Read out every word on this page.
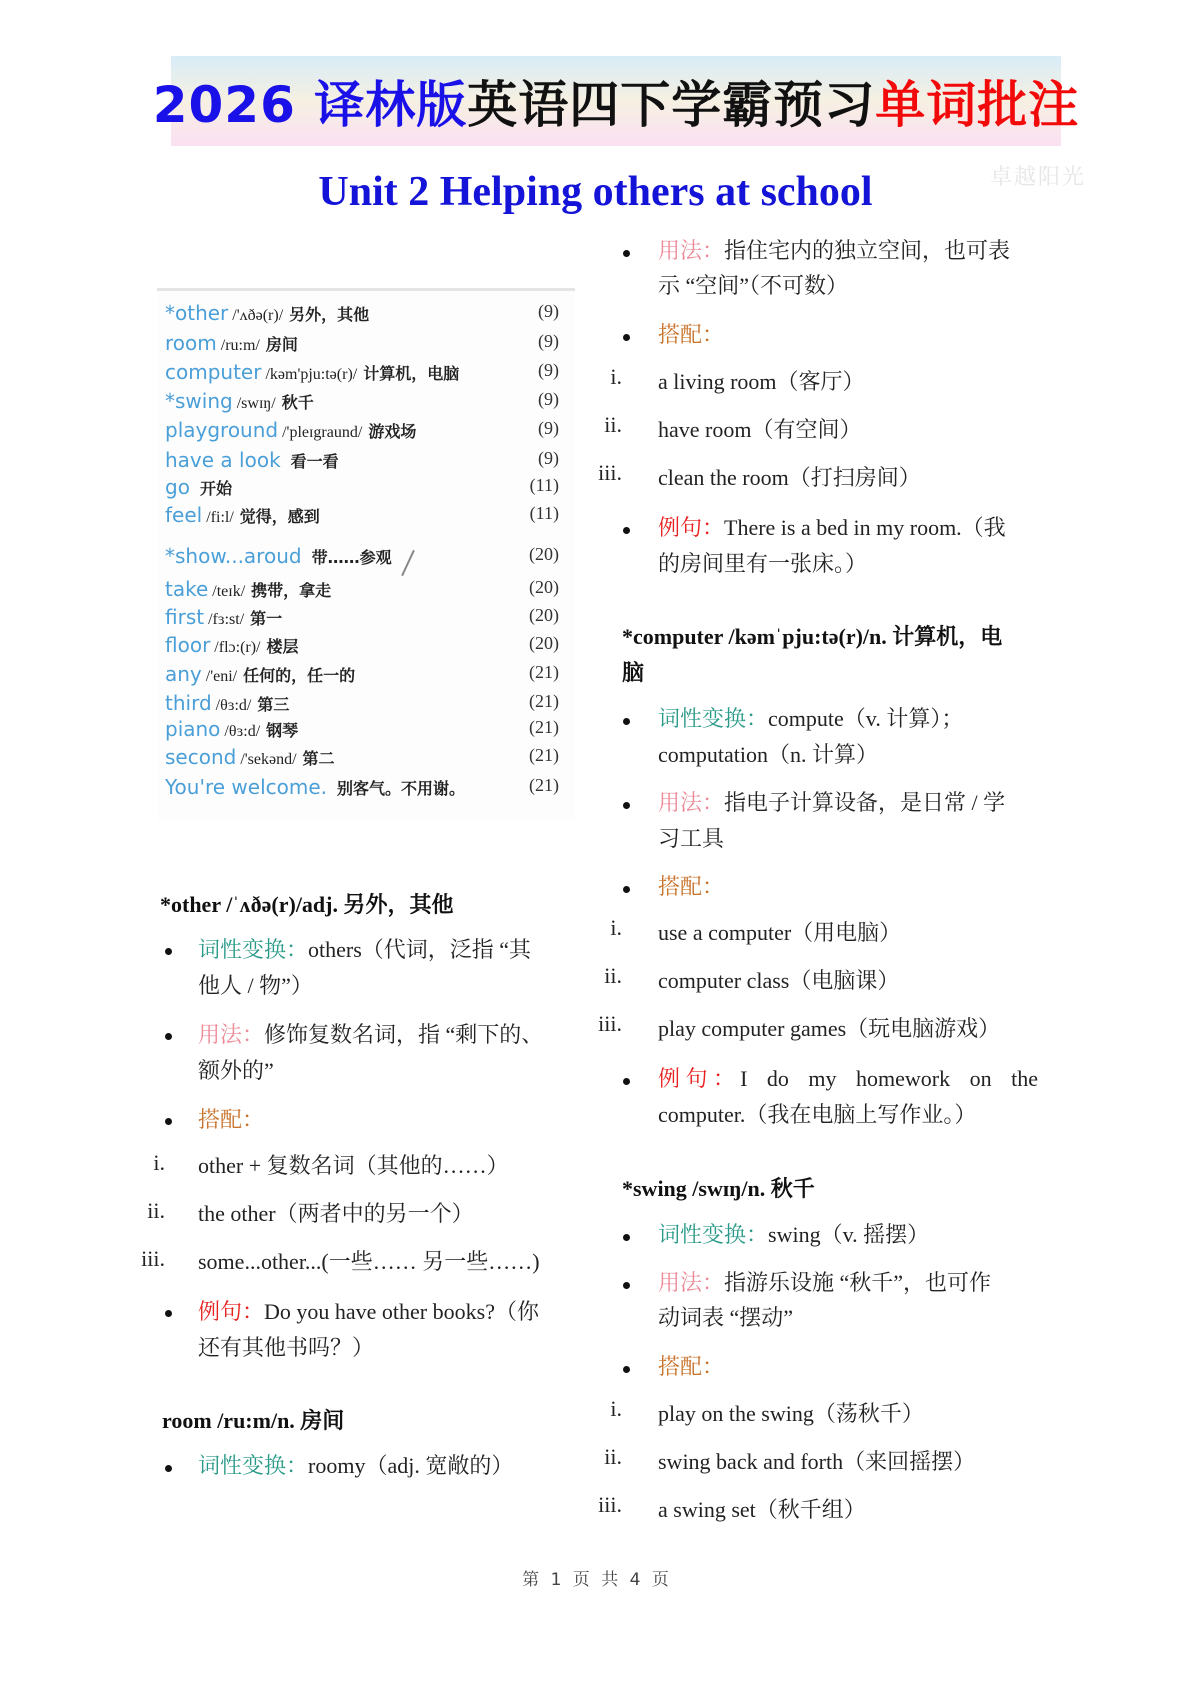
2026 译林版英语四下学霸预习单词批注
Unit 2 Helping others at school	卓越阳光
*other /'ʌðə(r)/ 另外，其他	(9)
room /ru:m/ 房间	(9)
computer /kəm'pju:tə(r)/ 计算机，电脑	(9)
*swing /swɪŋ/ 秋千	(9)
playground /'pleɪgraund/ 游戏场	(9)
have a look 看一看	(9)
go 开始	(11)
feel /fi:l/ 觉得，感到	(11)
*show...aroud 带……参观	(20)
take /teɪk/ 携带，拿走	(20)
first /fɜ:st/ 第一	(20)
floor /flɔ:(r)/ 楼层	(20)
any /'eni/ 任何的，任一的	(21)
third /θɜ:d/ 第三	(21)
piano /θɜ:d/ 钢琴	(21)
second /'sekənd/ 第二	(21)
You're welcome. 别客气。不用谢。	(21)
*other /ˈʌðə(r)/adj. 另外，其他
词性变换：others（代词，泛指 “其
他人 / 物”）
用法：修饰复数名词，指 “剩下的、
额外的”
搭配：
i. other + 复数名词（其他的……）
ii. the other（两者中的另一个）
iii. some...other...(一些…… 另一些……)
例句：Do you have other books?（你
还有其他书吗？）
room /ru:m/n. 房间
词性变换：roomy（adj. 宽敞的）
用法：指住宅内的独立空间，也可表
示 “空间”（不可数）
搭配：
i. a living room（客厅）
ii. have room（有空间）
iii. clean the room（打扫房间）
例句：There is a bed in my room.（我
的房间里有一张床。）
*computer /kəmˈpju:tə(r)/n. 计算机，电
脑
词性变换：compute（v. 计算）；
computation（n. 计算）
用法：指电子计算设备，是日常 / 学
习工具
搭配：
i. use a computer（用电脑）
ii. computer class（电脑课）
iii. play computer games（玩电脑游戏）
例 句 ： I do my homework on the
computer.（我在电脑上写作业。）
*swing /swɪŋ/n. 秋千
词性变换：swing（v. 摇摆）
用法：指游乐设施 “秋千”，也可作
动词表 “摆动”
搭配：
i. play on the swing（荡秋千）
ii. swing back and forth（来回摇摆）
iii. a swing set（秋千组）
第 1 页 共 4 页
